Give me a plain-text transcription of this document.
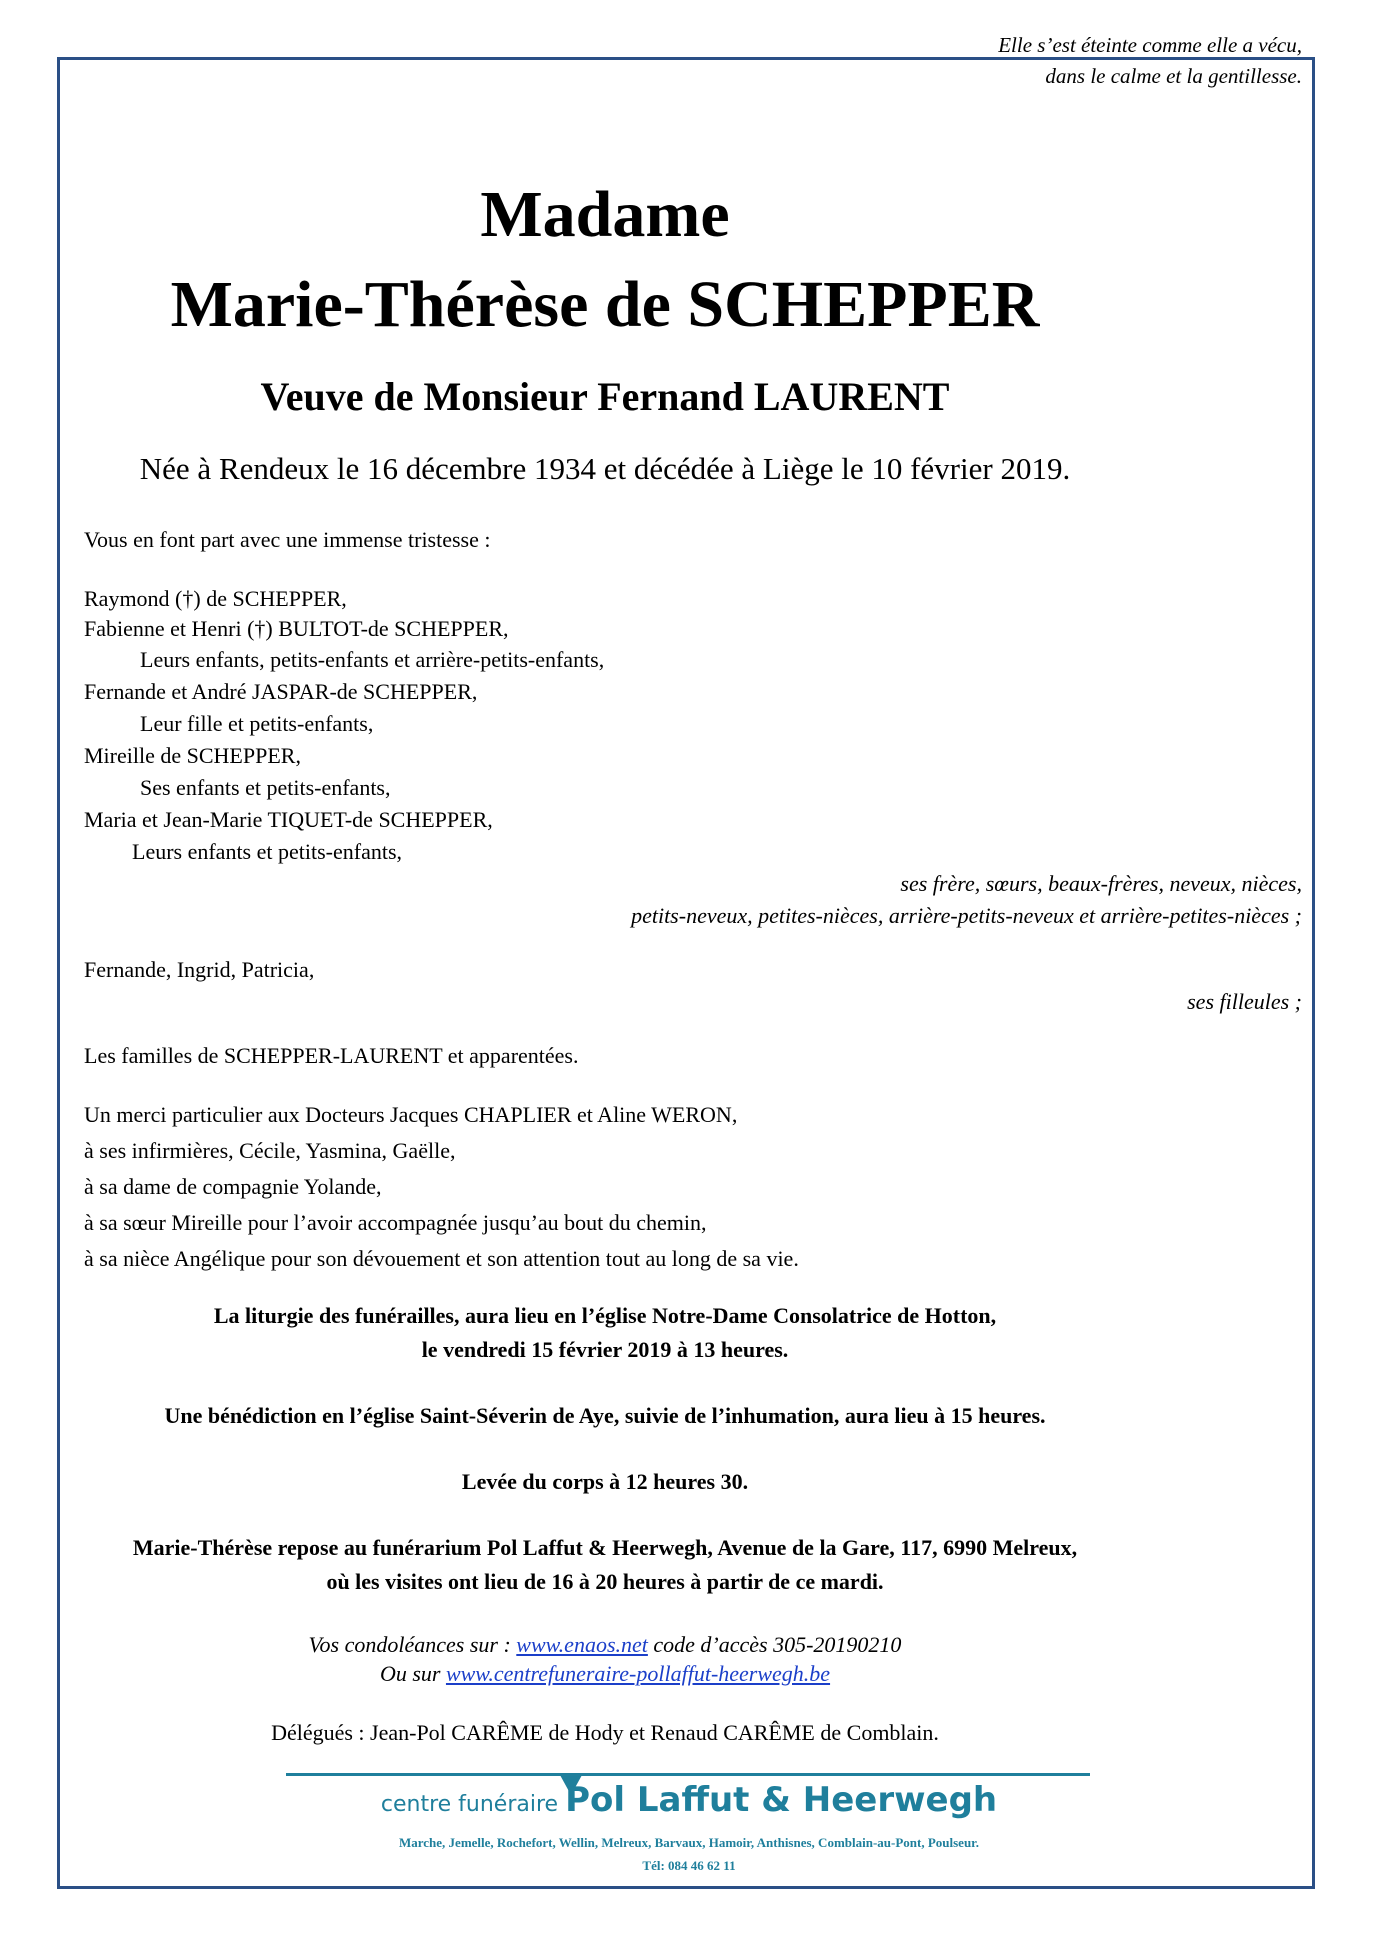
Elle s’est éteinte comme elle a vécu,
dans le calme et la gentillesse.
Madame
Marie-Thérèse de SCHEPPER
Veuve de Monsieur Fernand LAURENT
Née à Rendeux le 16 décembre 1934 et décédée à Liège le 10 février 2019.
Vous en font part avec une immense tristesse :
Raymond (†) de SCHEPPER,
Fabienne et Henri (†) BULTOT-de SCHEPPER,
Leurs enfants, petits-enfants et arrière-petits-enfants,
Fernande et André JASPAR-de SCHEPPER,
Leur fille et petits-enfants,
Mireille de SCHEPPER,
Ses enfants et petits-enfants,
Maria et Jean-Marie TIQUET-de SCHEPPER,
Leurs enfants et petits-enfants,
ses frère, sœurs, beaux-frères, neveux, nièces,
petits-neveux, petites-nièces, arrière-petits-neveux et arrière-petites-nièces ;
Fernande, Ingrid, Patricia,
ses filleules ;
Les familles de SCHEPPER-LAURENT et apparentées.
Un merci particulier aux Docteurs Jacques CHAPLIER et Aline WERON,
à ses infirmières, Cécile, Yasmina, Gaëlle,
à sa dame de compagnie Yolande,
à sa sœur Mireille pour l’avoir accompagnée jusqu’au bout du chemin,
à sa nièce Angélique pour son dévouement et son attention tout au long de sa vie.
La liturgie des funérailles, aura lieu en l’église Notre-Dame Consolatrice de Hotton,
le vendredi 15 février 2019 à 13 heures.
Une bénédiction en l’église Saint-Séverin de Aye, suivie de l’inhumation, aura lieu à 15 heures.
Levée du corps à 12 heures 30.
Marie-Thérèse repose au funérarium Pol Laffut & Heerwegh, Avenue de la Gare, 117, 6990 Melreux,
où les visites ont lieu de 16 à 20 heures à partir de ce mardi.
Vos condoléances sur : www.enaos.net code d’accès 305-20190210
Ou sur www.centrefuneraire-pollaffut-heerwegh.be
Délégués : Jean-Pol CARÊME de Hody et Renaud CARÊME de Comblain.
centre funéraire Pol Laffut & Heerwegh
Marche, Jemelle, Rochefort, Wellin, Melreux, Barvaux, Hamoir, Anthisnes, Comblain-au-Pont, Poulseur.
Tél: 084 46 62 11
